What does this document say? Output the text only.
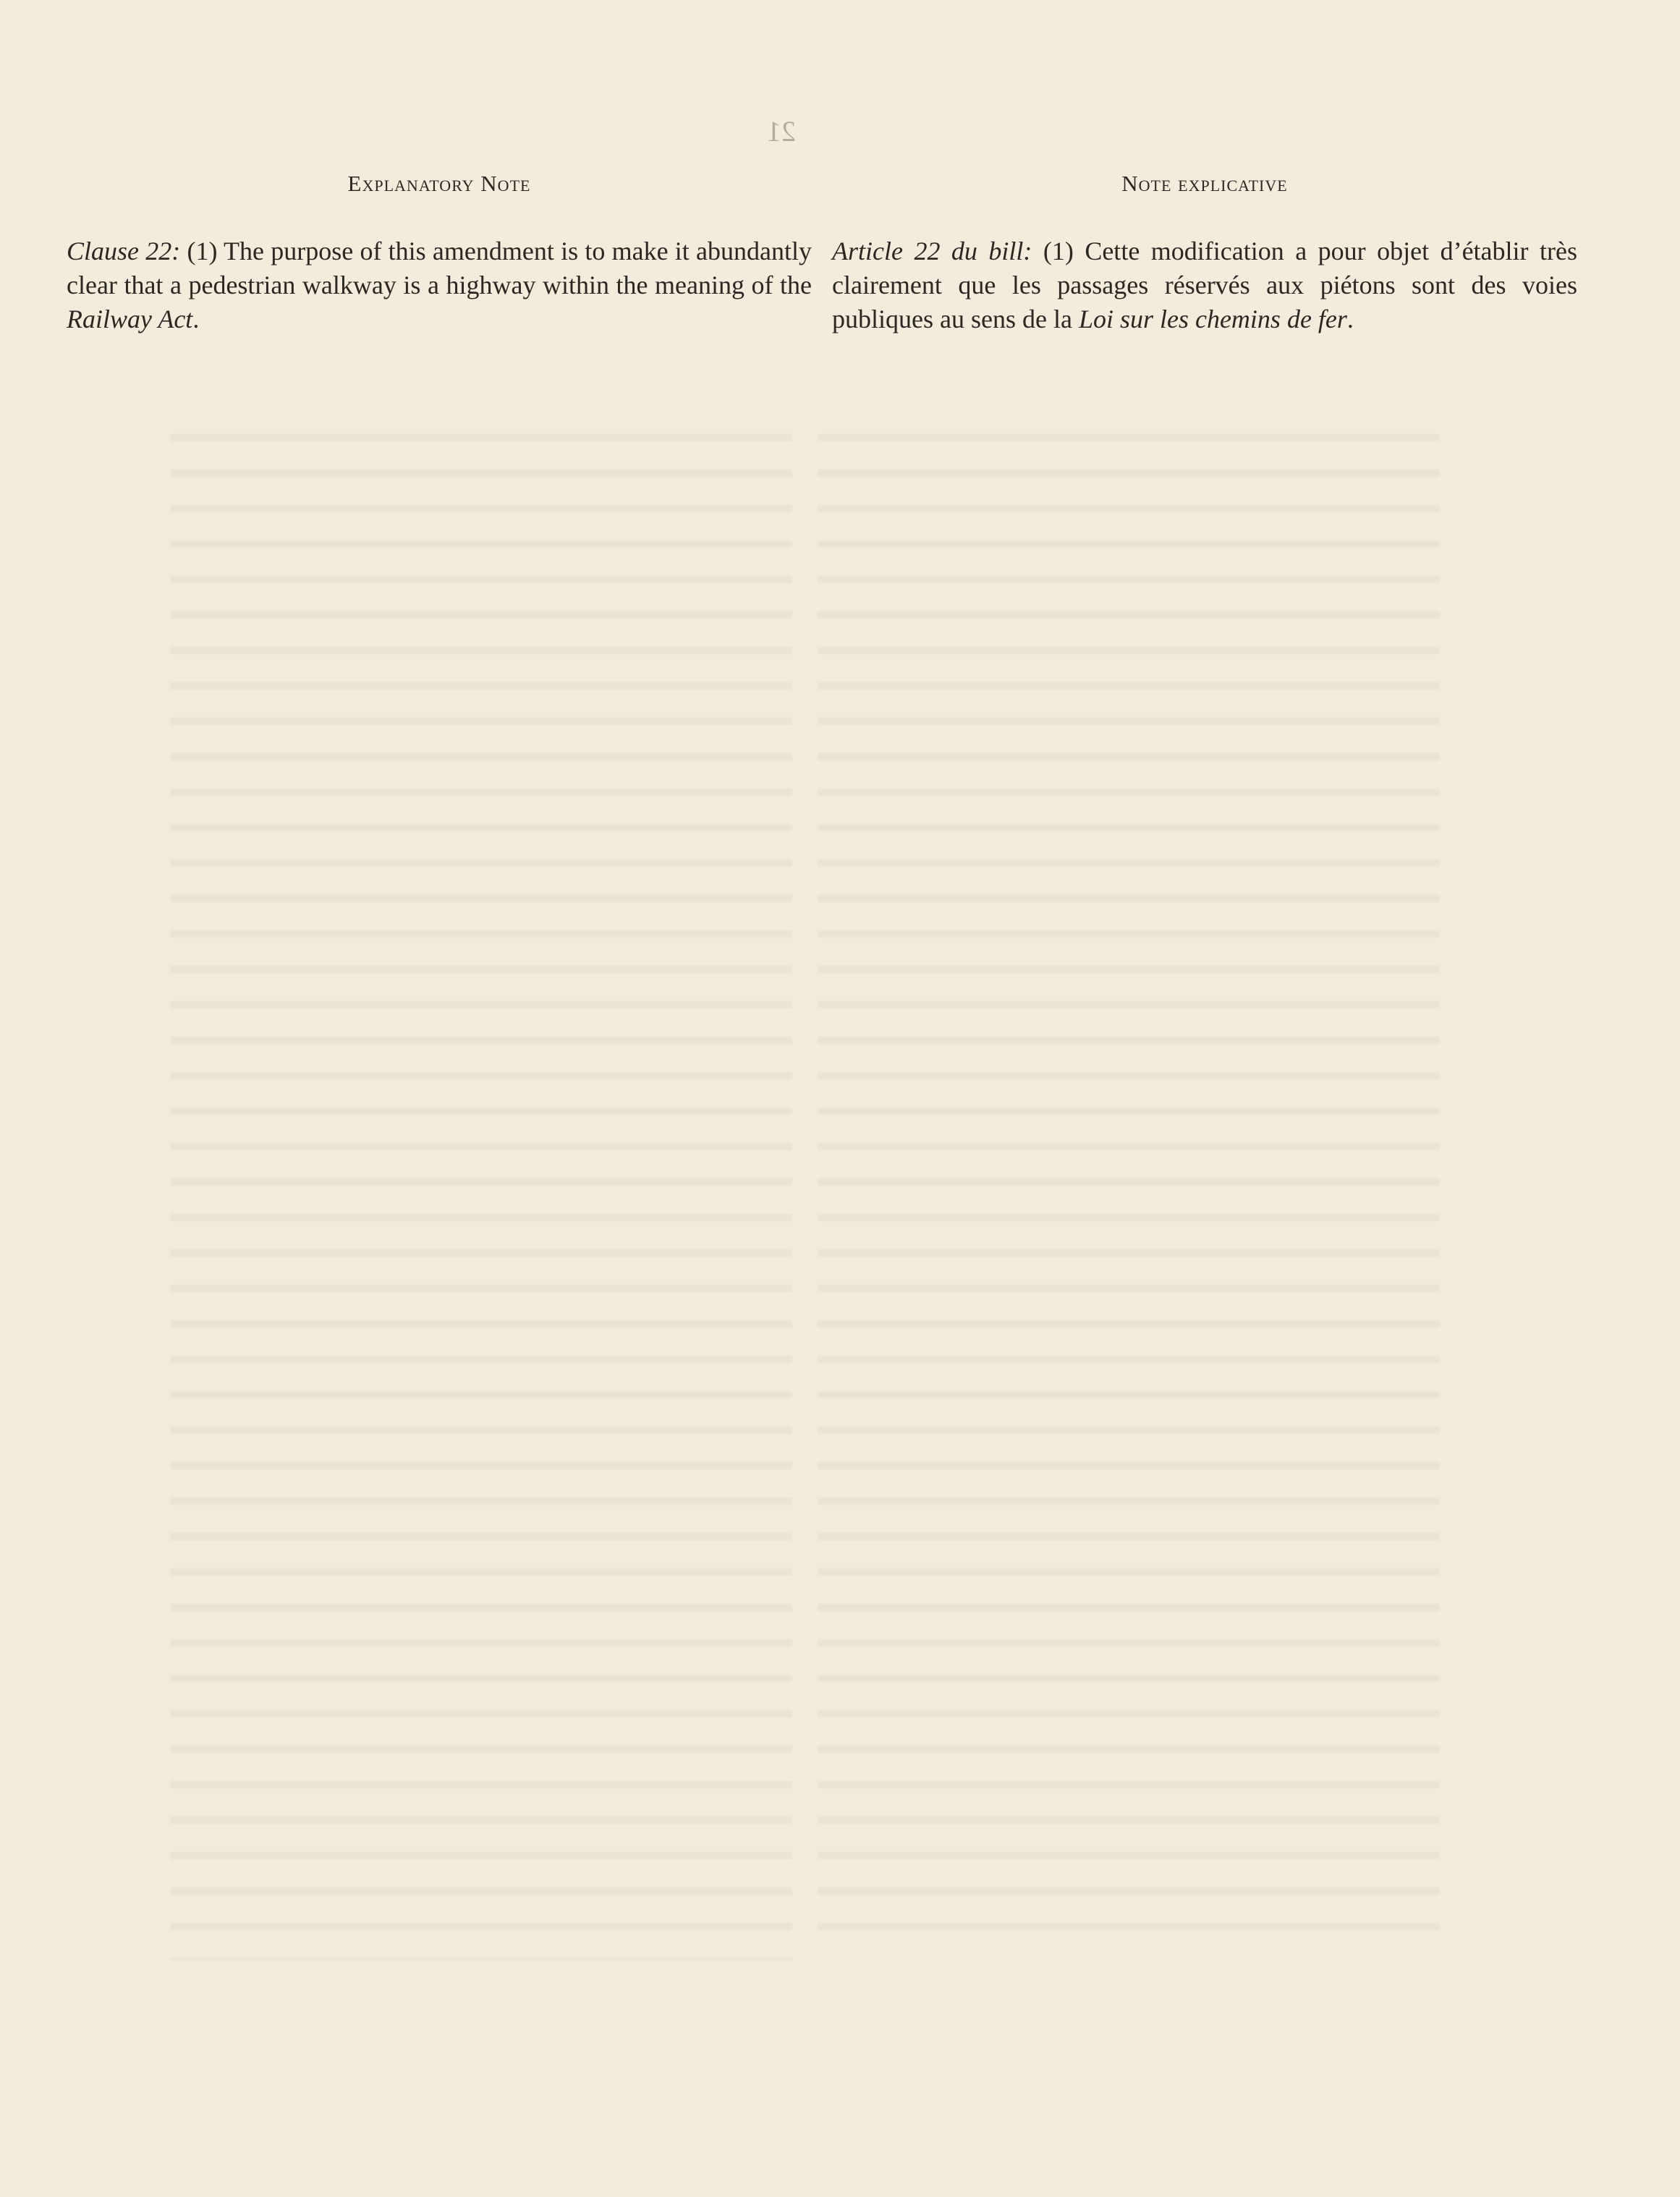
21
Explanatory Note

Clause 22: (1) The purpose of this amendment is to make it abundantly clear that a pedestrian walkway is a highway within the meaning of the Railway Act.

Note explicative

Article 22 du bill: (1) Cette modification a pour objet d’établir très clairement que les passages réservés aux piétons sont des voies publiques au sens de la Loi sur les chemins de fer.
